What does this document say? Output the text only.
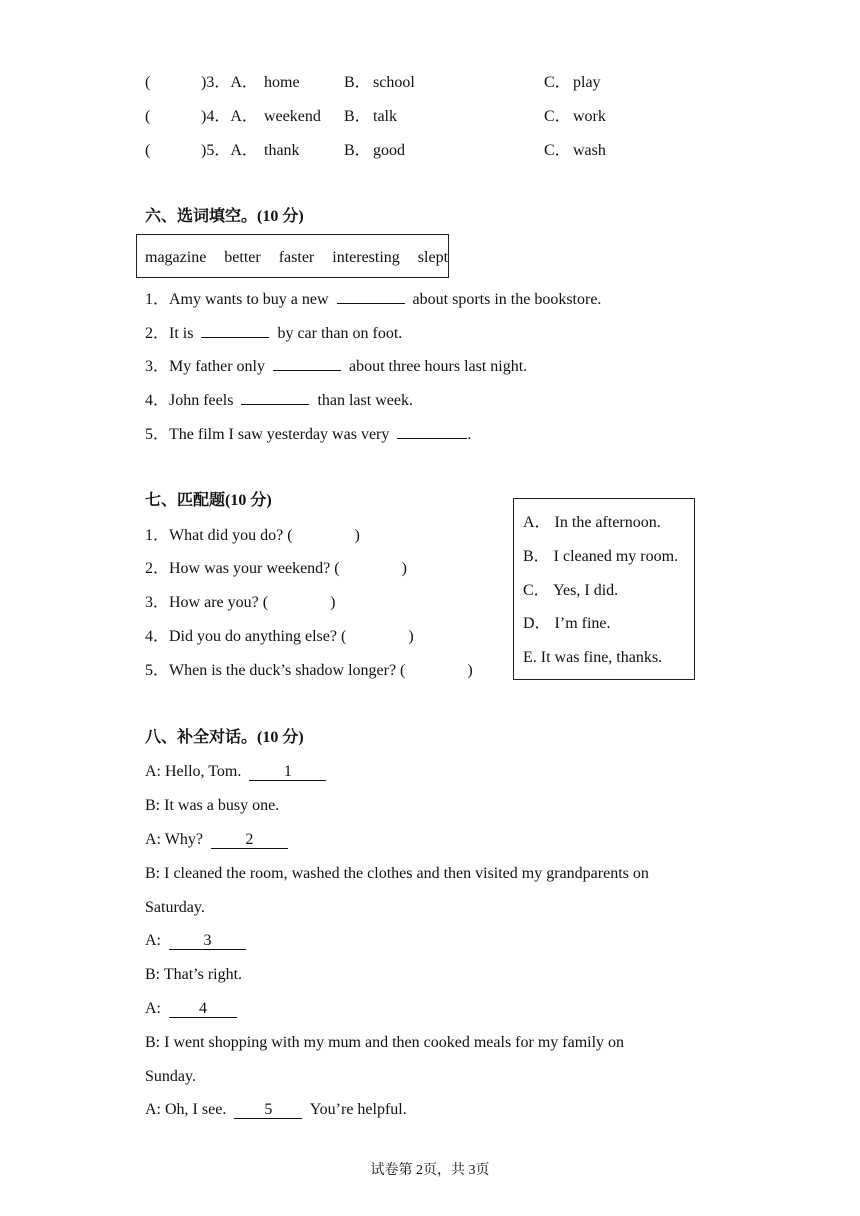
(	)3．A． home	B． school	C． play
(	)4．A． weekend B． talk	C． work
(	)5．A． thank	B． good	C． wash
六、选词填空。(10 分)
magazine better faster interesting slept
1．Amy wants to buy a new	about sports in the bookstore.
2．It is	by car than on foot.
3．My father only	about three hours last night.
4．John feels	than last week.
5．The film I saw yesterday was very	.
七、匹配题(10 分)
1．What did you do? (	)
2．How was your weekend? (	)
3．How are you? (	)
4．Did you do anything else? (	)
5．When is the duck’s shadow longer? (	)
A． In the afternoon.
B． I cleaned my room.
C． Yes, I did.
D． I’m fine.
E. It was fine, thanks.
八、补全对话。(10 分)
A: Hello, Tom.	1
B: It was a busy one.
A: Why?	2
B: I cleaned the room, washed the clothes and then visited my grandparents on
Saturday.
A:	3
B: That’s right.
A: 4
B: I went shopping with my mum and then cooked meals for my family on
Sunday.
A: Oh, I see. 5 You’re helpful.
试卷第 2页，共 3页
